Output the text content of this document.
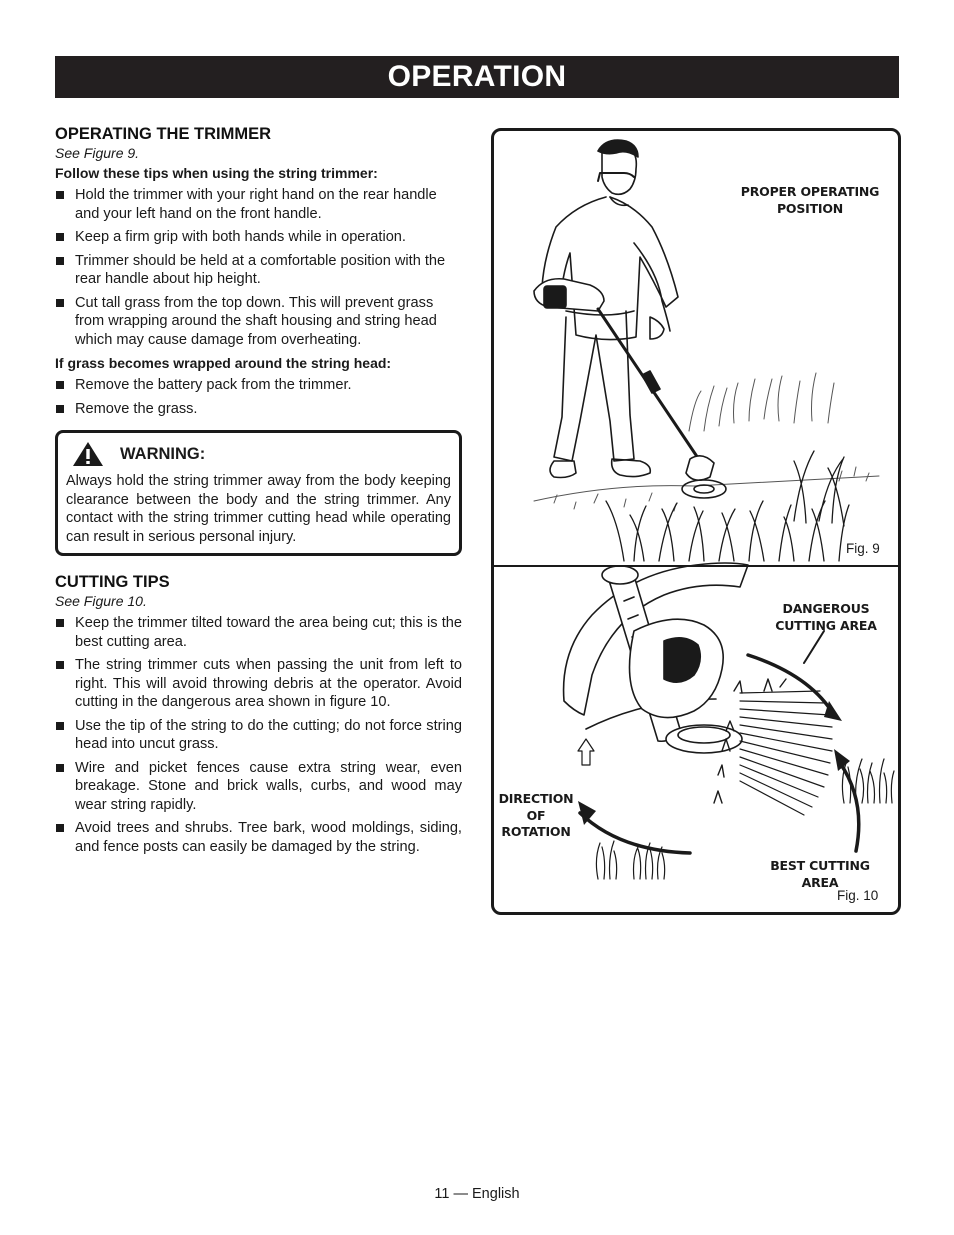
OPERATION
OPERATING THE TRIMMER
See Figure 9.
Follow these tips when using the string trimmer:
Hold the trimmer with your right hand on the rear handle and your left hand on the front handle.
Keep a firm grip with both hands while in operation.
Trimmer should be held at a comfortable position with the rear handle about hip height.
Cut tall grass from the top down. This will prevent grass from wrapping around the shaft housing and string head which may cause damage from overheating.
If grass becomes wrapped around the string head:
Remove the battery pack from the trimmer.
Remove the grass.
WARNING:
Always hold the string trimmer away from the body keeping clearance between the body and the string trimmer. Any contact with the string trimmer cutting head while operating can result in serious personal injury.
CUTTING TIPS
See Figure 10.
Keep the trimmer tilted toward the area being cut; this is the best cutting area.
The string trimmer cuts when passing the unit from left to right. This will avoid throwing debris at the operator. Avoid cutting in the dangerous area shown in figure 10.
Use the tip of the string to do the cutting; do not force string head into uncut grass.
Wire and picket fences cause extra string wear, even breakage. Stone and brick walls, curbs, and wood may wear string rapidly.
Avoid trees and shrubs. Tree bark, wood moldings, siding, and fence posts can easily be damaged by the string.
PROPER OPERATING POSITION
Fig. 9
DANGEROUS CUTTING AREA
DIRECTION OF ROTATION
BEST CUTTING AREA
Fig. 10
11 — English
